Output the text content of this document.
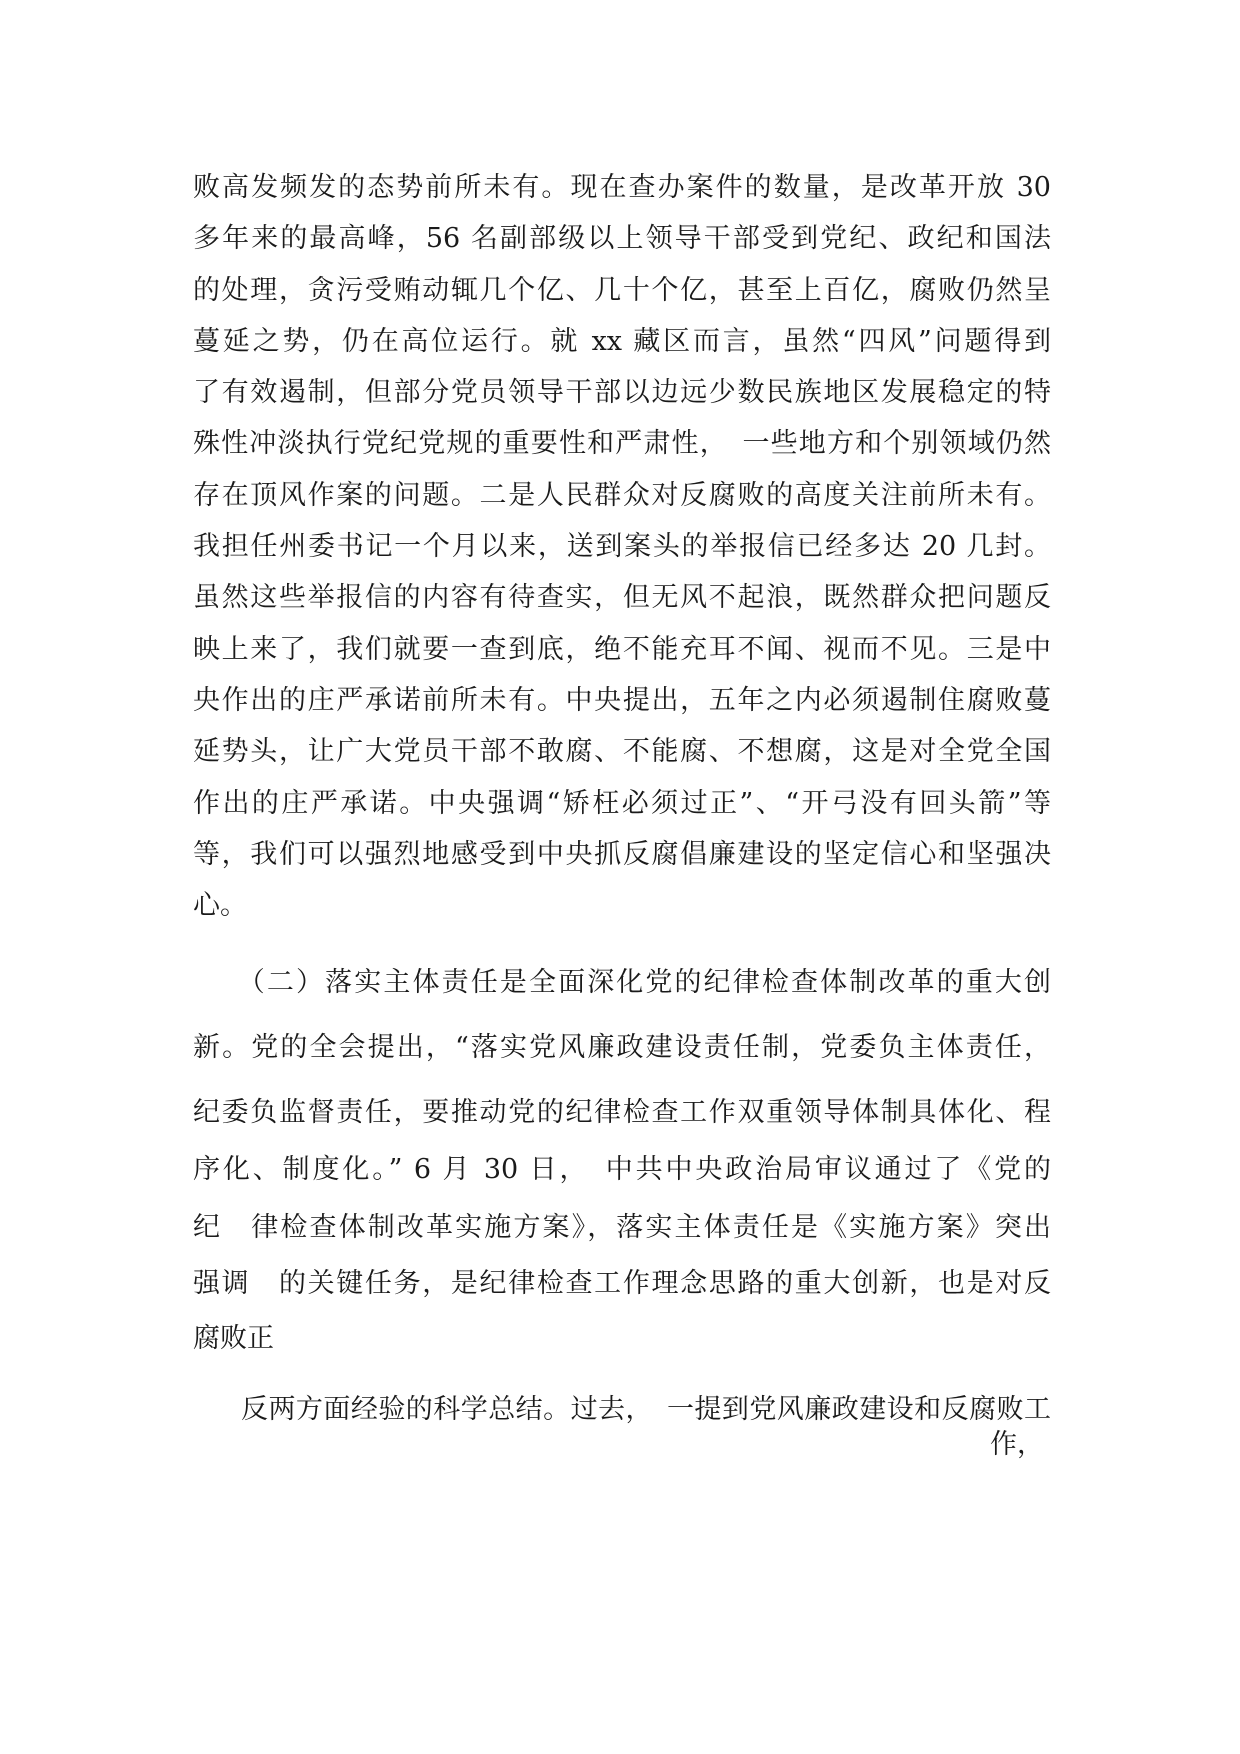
败高发频发的态势前所未有。现在查办案件的数量，是改革开放 30
多年来的最高峰，56 名副部级以上领导干部受到党纪、政纪和国法
的处理，贪污受贿动辄几个亿、几十个亿，甚至上百亿，腐败仍然呈
蔓延之势，仍在高位运行。就 xx 藏区而言，虽然“四风”问题得到
了有效遏制，但部分党员领导干部以边远少数民族地区发展稳定的特
殊性冲淡执行党纪党规的重要性和严肃性，　一些地方和个别领域仍然
存在顶风作案的问题。二是人民群众对反腐败的高度关注前所未有。
我担任州委书记一个月以来，送到案头的举报信已经多达 20 几封。
虽然这些举报信的内容有待查实，但无风不起浪，既然群众把问题反
映上来了，我们就要一查到底，绝不能充耳不闻、视而不见。三是中
央作出的庄严承诺前所未有。中央提出，五年之内必须遏制住腐败蔓
延势头，让广大党员干部不敢腐、不能腐、不想腐，这是对全党全国
作出的庄严承诺。中央强调“矫枉必须过正”、“开弓没有回头箭”等
等，我们可以强烈地感受到中央抓反腐倡廉建设的坚定信心和坚强决
心。
　　（二）落实主体责任是全面深化党的纪律检查体制改革的重大创
新。党的全会提出，“落实党风廉政建设责任制，党委负主体责任，
纪委负监督责任，要推动党的纪律检查工作双重领导体制具体化、程
序化、制度化。” 6 月 30 日，　中共中央政治局审议通过了《党的
纪　律检查体制改革实施方案》，落实主体责任是《实施方案》突出
强调　的关键任务，是纪律检查工作理念思路的重大创新，也是对反
腐败正
反两方面经验的科学总结。过去，　一提到党风廉政建设和反腐败工
作，
